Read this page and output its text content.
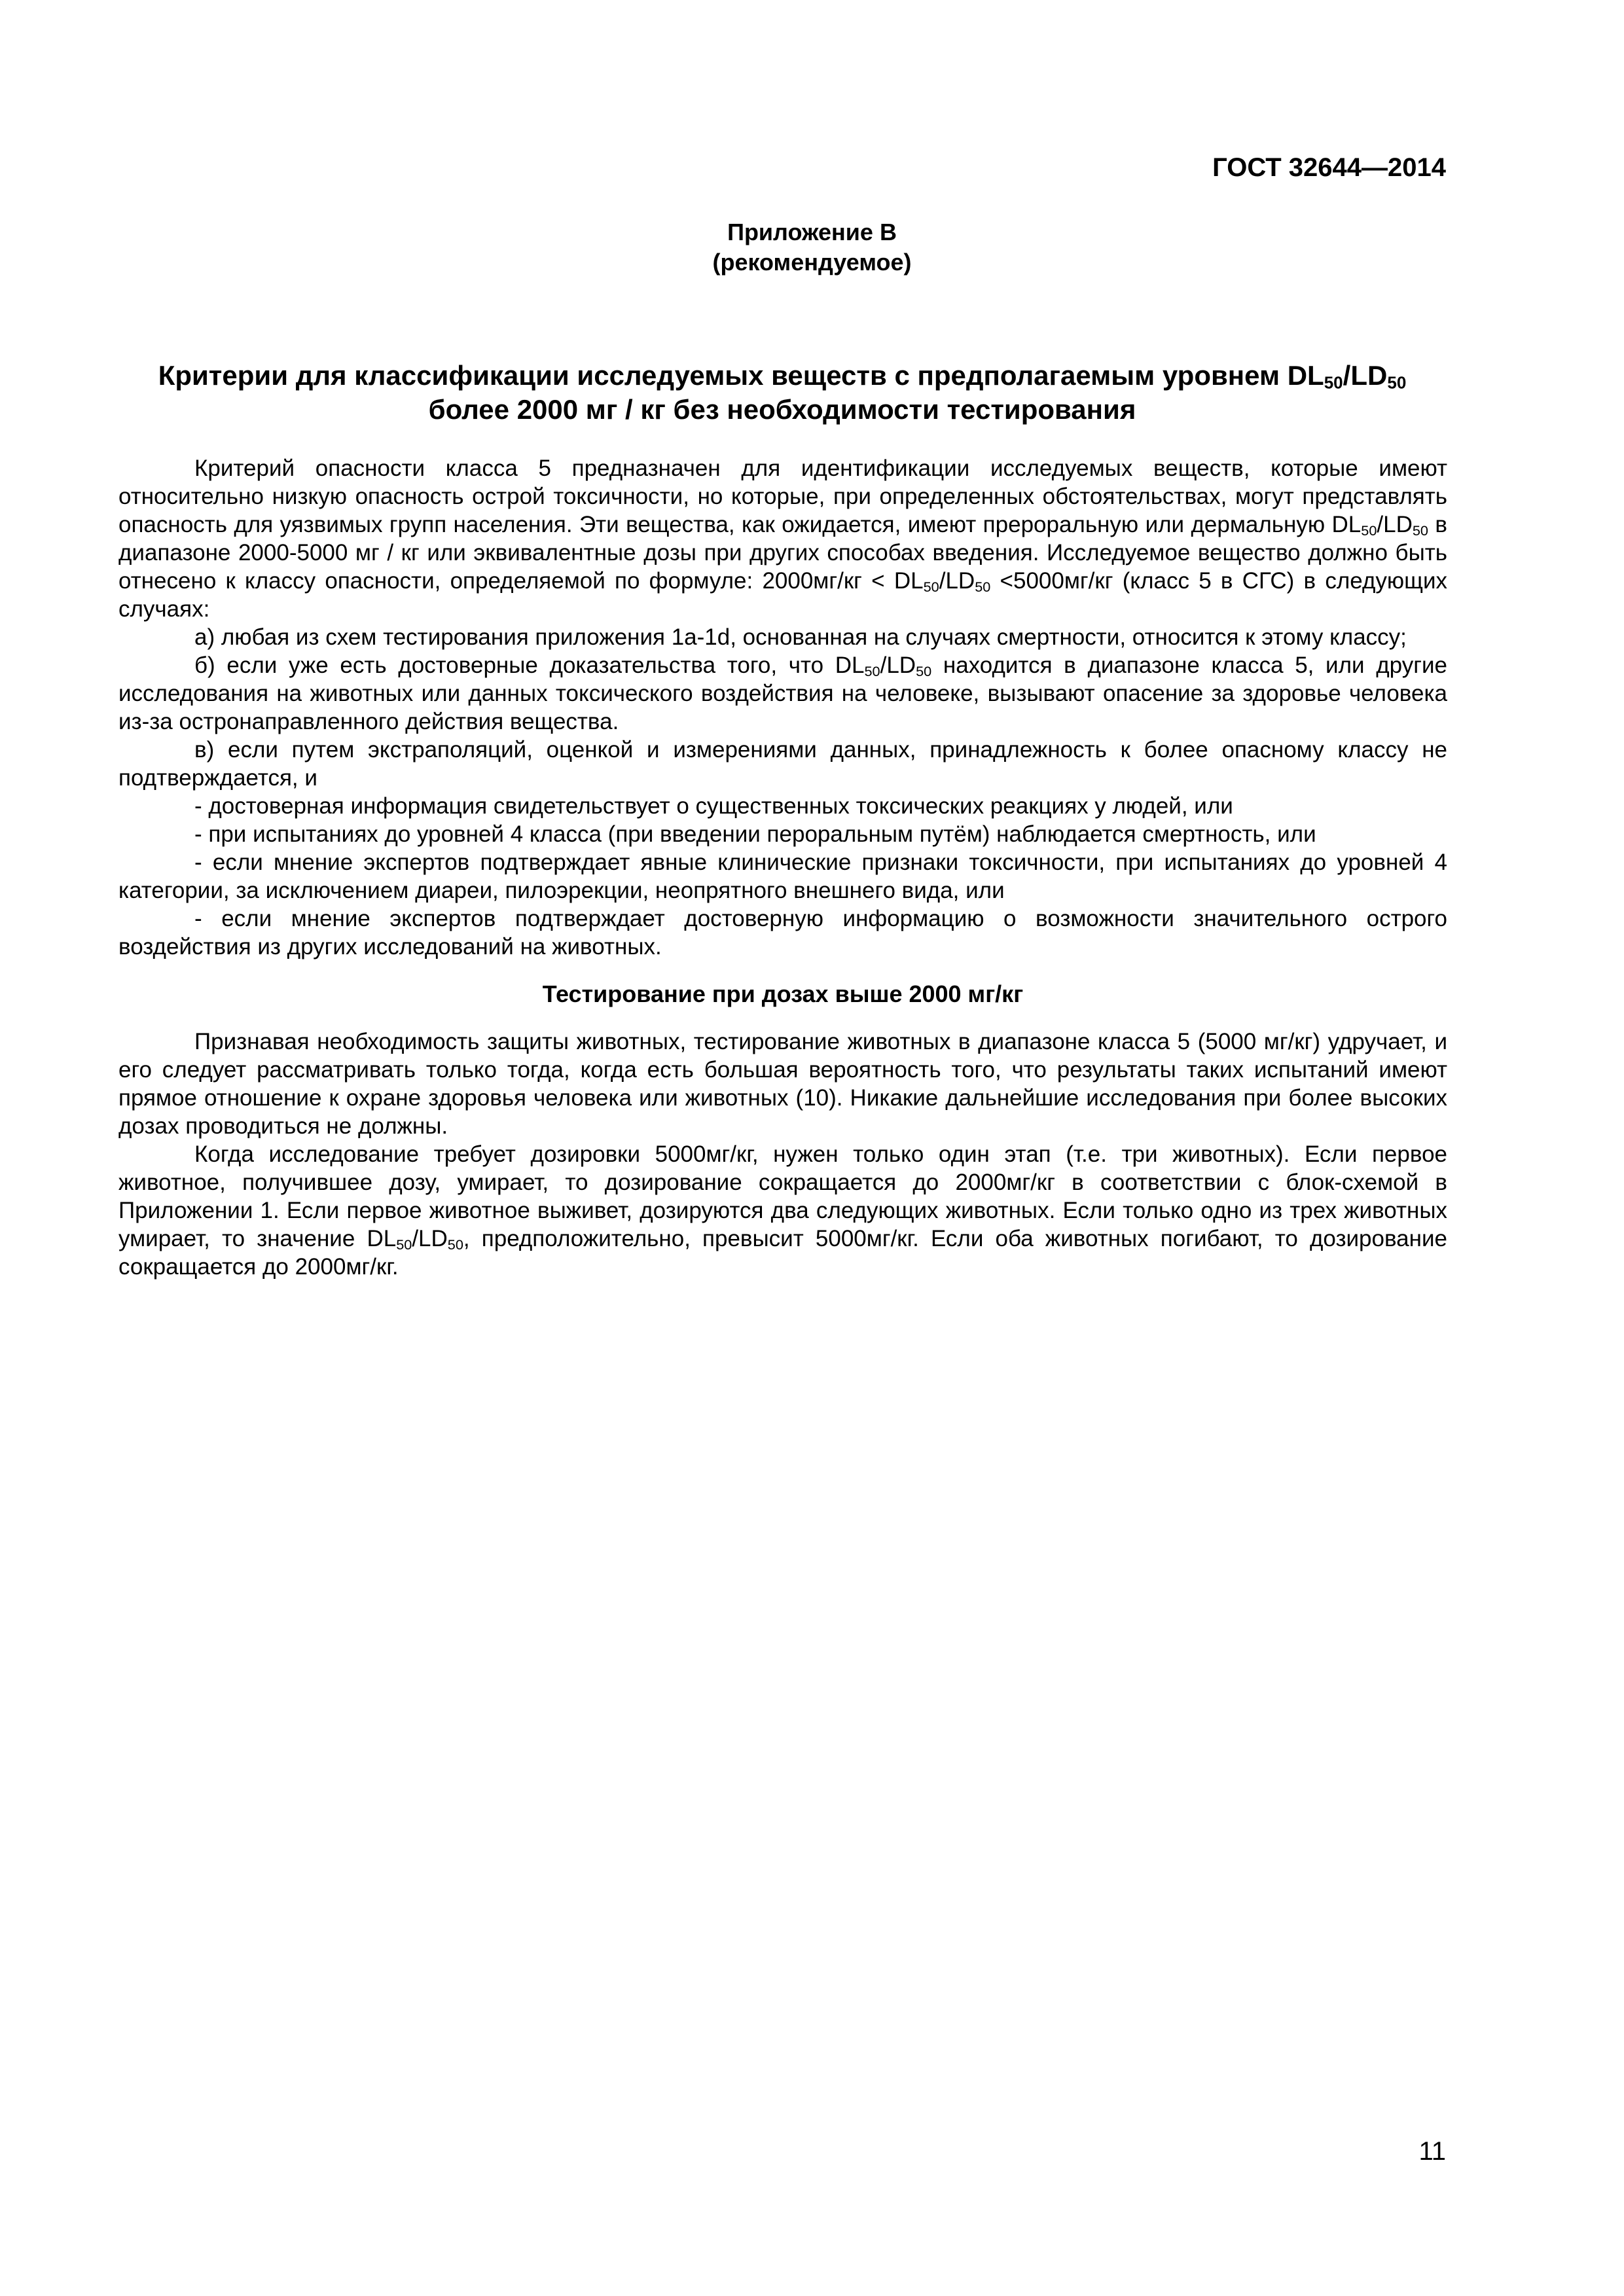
ГОСТ 32644—2014
Приложение В
(рекомендуемое)
Критерии для классификации исследуемых веществ с предполагаемым уровнем $DL_{50}/LD_{50}$
более 2000 мг / кг без необходимости тестирования

Критерий опасности класса 5 предназначен для идентификации исследуемых веществ, которые имеют относительно низкую опасность острой токсичности, но которые, при определенных обстоятельствах, могут представлять опасность для уязвимых групп населения. Эти вещества, как ожидается, имеют прероральную или дермальную $DL_{50}/LD_{50}$ в диапазоне 2000-5000 мг / кг или эквивалентные дозы при других способах введения. Исследуемое вещество должно быть отнесено к классу опасности, определяемой по формуле: $2000мг/кг < DL_{50}/LD_{50} <5000мг/кг$ (класс 5 в СГС) в следующих случаях:

а) любая из схем тестирования приложения 1а-1d, основанная на случаях смертности, относится к этому классу;

б) если уже есть достоверные доказательства того, что $DL_{50}/LD_{50}$ находится в диапазоне класса 5, или другие исследования на животных или данных токсического воздействия на человеке, вызывают опасение за здоровье человека из-за остронаправленного действия вещества.

в) если путем экстраполяций, оценкой и измерениями данных, принадлежность к более опасному классу не подтверждается, и

- достоверная информация свидетельствует о существенных токсических реакциях у людей, или

- при испытаниях до уровней 4 класса (при введении пероральным путём) наблюдается смертность, или

- если мнение экспертов подтверждает явные клинические признаки токсичности, при испытаниях до уровней 4 категории, за исключением диареи, пилоэрекции, неопрятного внешнего вида, или

- если мнение экспертов подтверждает достоверную информацию о возможности значительного острого воздействия из других исследований на животных.

Тестирование при дозах выше 2000 мг/кг

Признавая необходимость защиты животных, тестирование животных в диапазоне класса 5 (5000 мг/кг) удручает, и его следует рассматривать только тогда, когда есть большая вероятность того, что результаты таких испытаний имеют прямое отношение к охране здоровья человека или животных (10). Никакие дальнейшие исследования при более высоких дозах проводиться не должны.

Когда исследование требует дозировки 5000мг/кг, нужен только один этап (т.е. три животных). Если первое животное, получившее дозу, умирает, то дозирование сокращается до 2000мг/кг в соответствии с блок-схемой в Приложении 1. Если первое животное выживет, дозируются два следующих животных. Если только одно из трех животных умирает, то значение $DL_{50}/LD_{50}$, предположительно, превысит 5000мг/кг. Если оба животных погибают, то дозирование сокращается до 2000мг/кг.

11
